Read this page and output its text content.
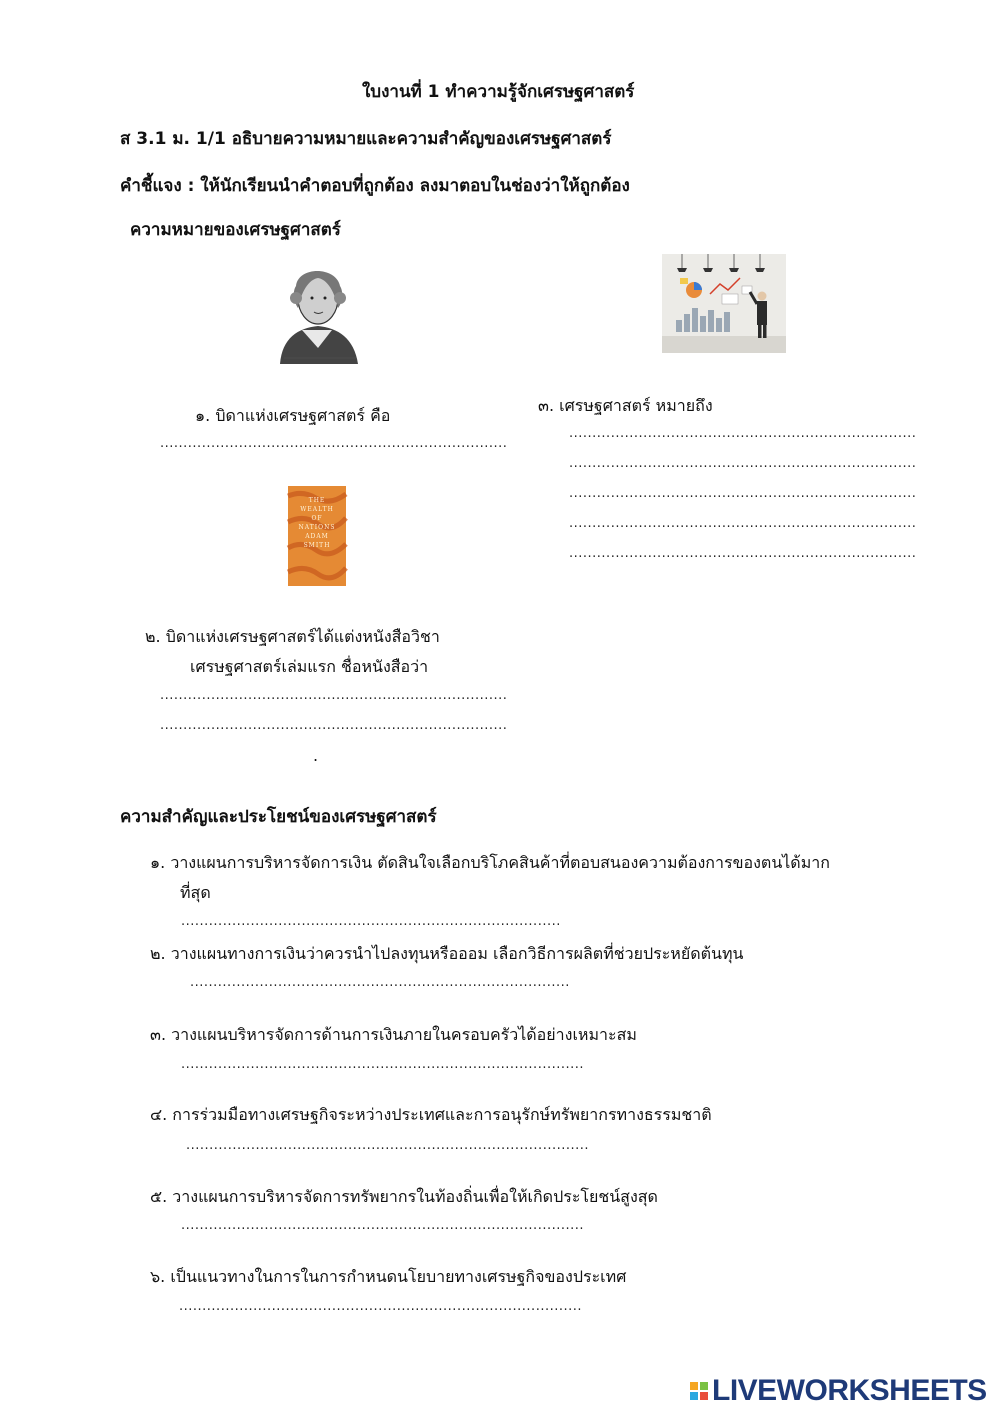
ใบงานที่ 1 ทำความรู้จักเศรษฐศาสตร์
ส 3.1 ม. 1/1 อธิบายความหมายและความสำคัญของเศรษฐศาสตร์
คำชี้แจง : ให้นักเรียนนำคำตอบที่ถูกต้อง ลงมาตอบในช่องว่าให้ถูกต้อง
ความหมายของเศรษฐศาสตร์
๑. บิดาแห่งเศรษฐศาสตร์ คือ
...........................................................................
๓. เศรษฐศาสตร์ หมายถึง
...........................................................................
...........................................................................
...........................................................................
...........................................................................
...........................................................................
THE
WEALTH
OF
NATIONS
ADAM
SMITH
๒. บิดาแห่งเศรษฐศาสตร์ได้แต่งหนังสือวิชา
เศรษฐศาสตร์เล่มแรก ชื่อหนังสือว่า
...........................................................................
...........................................................................
.
ความสำคัญและประโยชน์ของเศรษฐศาสตร์
๑. วางแผนการบริหารจัดการเงิน ตัดสินใจเลือกบริโภคสินค้าที่ตอบสนองความต้องการของตนได้มาก
ที่สุด
..................................................................................
๒. วางแผนทางการเงินว่าควรนำไปลงทุนหรือออม เลือกวิธีการผลิตที่ช่วยประหยัดต้นทุน
..................................................................................
๓. วางแผนบริหารจัดการด้านการเงินภายในครอบครัวได้อย่างเหมาะสม
.......................................................................................
๔. การร่วมมือทางเศรษฐกิจระหว่างประเทศและการอนุรักษ์ทรัพยากรทางธรรมชาติ
.......................................................................................
๕. วางแผนการบริหารจัดการทรัพยากรในท้องถิ่นเพื่อให้เกิดประโยชน์สูงสุด
.......................................................................................
๖. เป็นแนวทางในการในการกำหนดนโยบายทางเศรษฐกิจของประเทศ
.......................................................................................
LIVEWORKSHEETS
